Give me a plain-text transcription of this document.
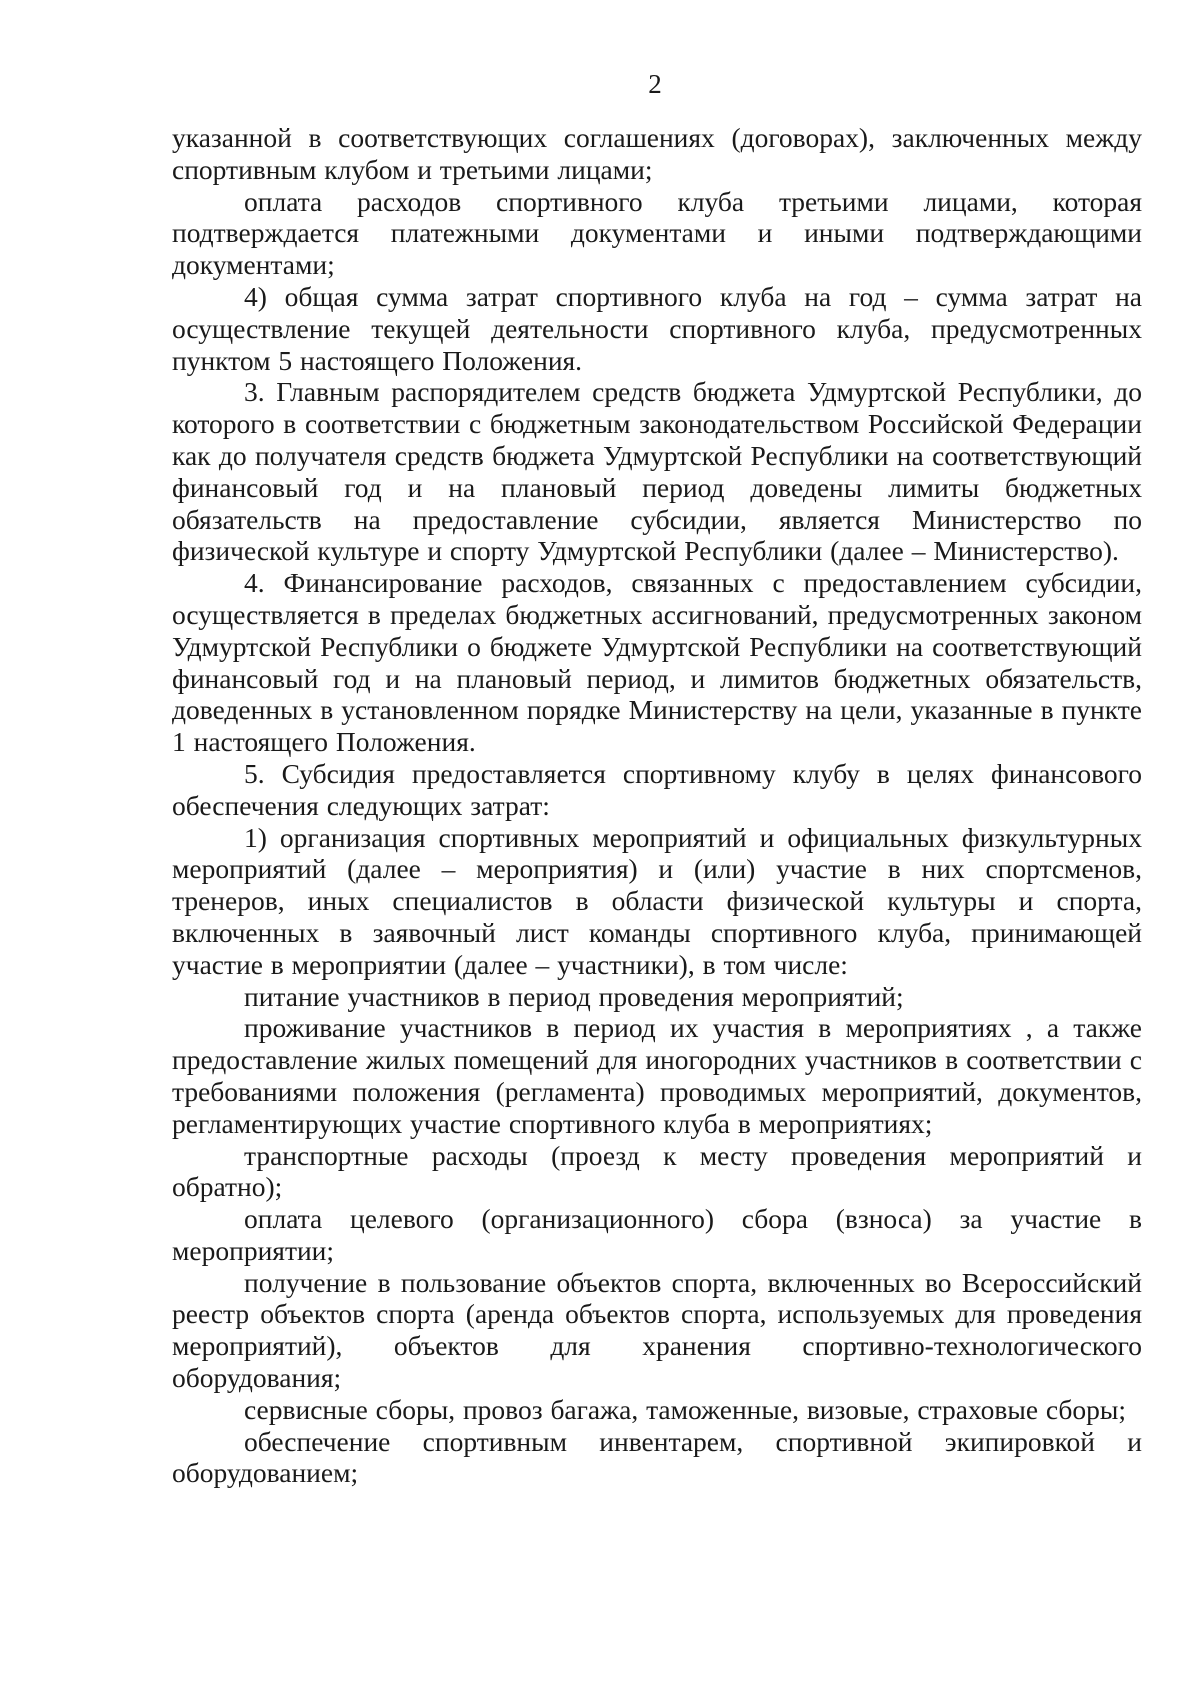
2

указанной в соответствующих соглашениях (договорах), заключенных между спортивным клубом и третьими лицами;

оплата расходов спортивного клуба третьими лицами, которая подтверждается платежными документами и иными подтверждающими документами;

4) общая сумма затрат спортивного клуба на год – сумма затрат на осуществление текущей деятельности спортивного клуба, предусмотренных пунктом 5 настоящего Положения.

3. Главным распорядителем средств бюджета Удмуртской Республики, до которого в соответствии с бюджетным законодательством Российской Федерации как до получателя средств бюджета Удмуртской Республики на соответствующий финансовый год и на плановый период доведены лимиты бюджетных обязательств на предоставление субсидии, является Министерство по физической культуре и спорту Удмуртской Республики (далее – Министерство).

4. Финансирование расходов, связанных с предоставлением субсидии, осуществляется в пределах бюджетных ассигнований, предусмотренных законом Удмуртской Республики о бюджете Удмуртской Республики на соответствующий финансовый год и на плановый период, и лимитов бюджетных обязательств, доведенных в установленном порядке Министерству на цели, указанные в пункте 1 настоящего Положения.

5. Субсидия предоставляется спортивному клубу в целях финансового обеспечения следующих затрат:

1) организация спортивных мероприятий и официальных физкультурных мероприятий (далее – мероприятия) и (или) участие в них спортсменов, тренеров, иных специалистов в области физической культуры и спорта, включенных в заявочный лист команды спортивного клуба, принимающей участие в мероприятии (далее – участники), в том числе:

питание участников в период проведения мероприятий;

проживание участников в период их участия в мероприятиях , а также предоставление жилых помещений для иногородних участников в соответствии с требованиями положения (регламента) проводимых мероприятий, документов, регламентирующих участие спортивного клуба в мероприятиях;

транспортные расходы (проезд к месту проведения мероприятий и обратно);

оплата целевого (организационного) сбора (взноса) за участие в мероприятии;

получение в пользование объектов спорта, включенных во Всероссийский реестр объектов спорта (аренда объектов спорта, используемых для проведения мероприятий), объектов для хранения спортивно-технологического оборудования;

сервисные сборы, провоз багажа, таможенные, визовые, страховые сборы;

обеспечение спортивным инвентарем, спортивной экипировкой и оборудованием;
